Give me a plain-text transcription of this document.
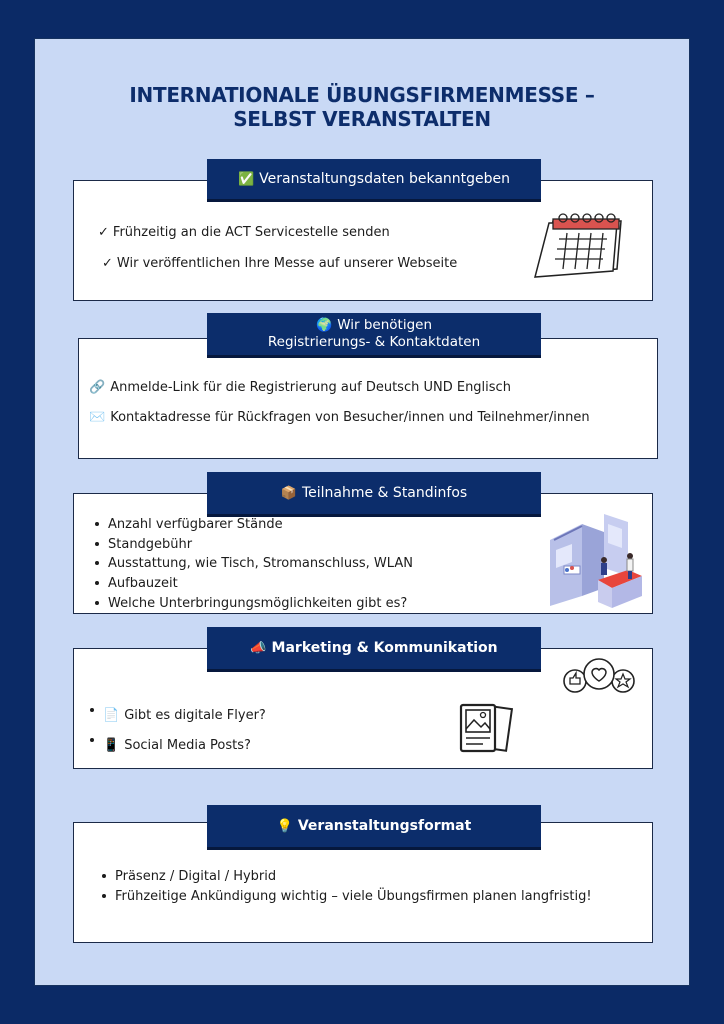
INTERNATIONALE ÜBUNGSFIRMENMESSE –
SELBST VERANSTALTEN
✓ Frühzeitig an die ACT Servicestelle senden
✓ Wir veröffentlichen Ihre Messe auf unserer Webseite
✅ Veranstaltungsdaten bekanntgeben
🔗 Anmelde-Link für die Registrierung auf Deutsch UND Englisch
✉️ Kontaktadresse für Rückfragen von Besucher/innen und Teilnehmer/innen
🌍 Wir benötigen
Registrierungs- & Kontaktdaten
Anzahl verfügbarer Stände
Standgebühr
Ausstattung, wie Tisch, Stromanschluss, WLAN
Aufbauzeit
Welche Unterbringungsmöglichkeiten gibt es?
📦 Teilnahme & Standinfos
📄 Gibt es digitale Flyer?
📱 Social Media Posts?
📣 Marketing & Kommunikation
Präsenz / Digital / Hybrid
Frühzeitige Ankündigung wichtig – viele Übungsfirmen planen langfristig!
💡 Veranstaltungsformat
